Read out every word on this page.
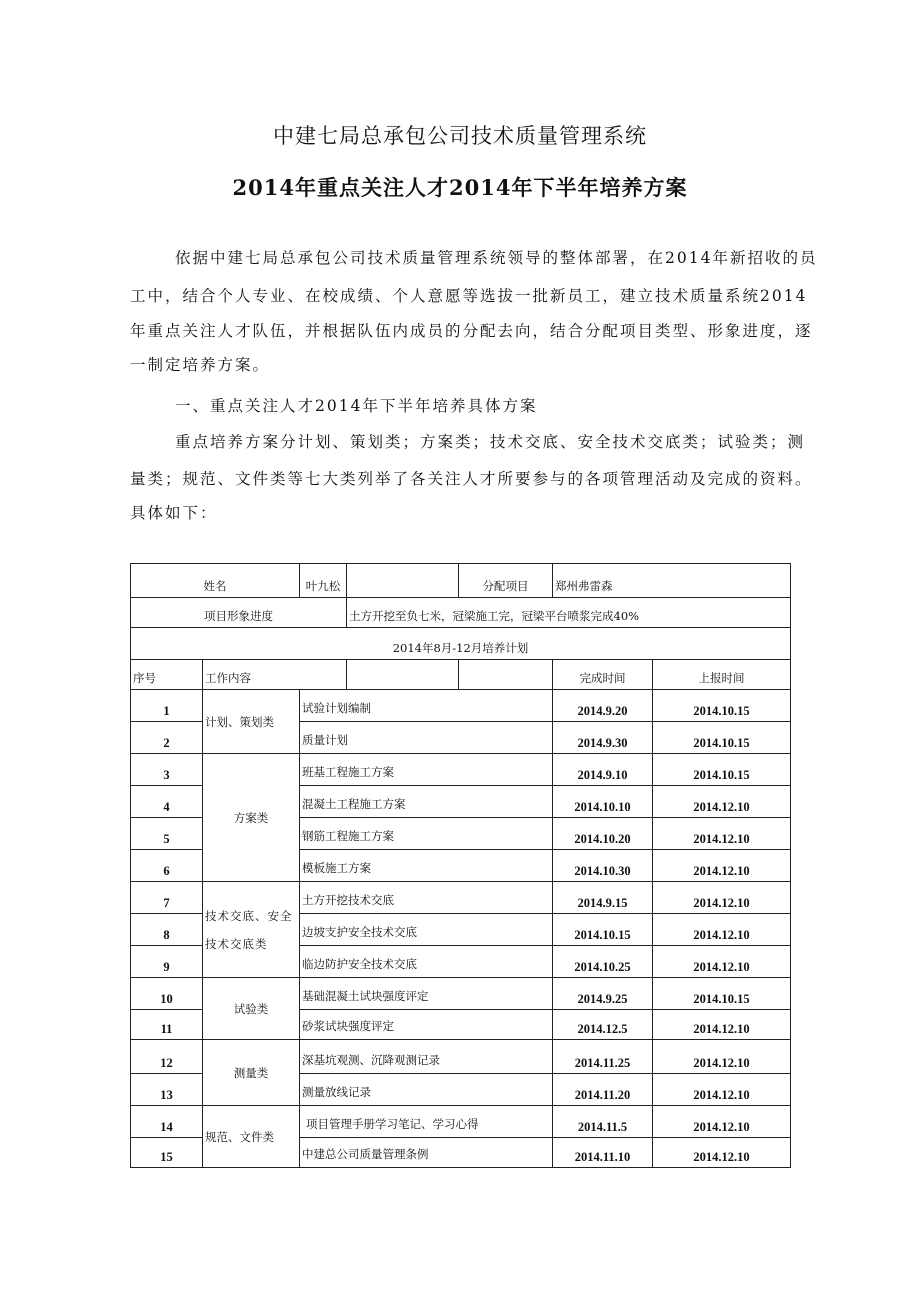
中建七局总承包公司技术质量管理系统
2014年重点关注人才2014年下半年培养方案
依据中建七局总承包公司技术质量管理系统领导的整体部署，在2014年新招收的员
工中，结合个人专业、在校成绩、个人意愿等选拔一批新员工，建立技术质量系统2014
年重点关注人才队伍，并根据队伍内成员的分配去向，结合分配项目类型、形象进度，逐
一制定培养方案。
一、重点关注人才2014年下半年培养具体方案
重点培养方案分计划、策划类；方案类；技术交底、安全技术交底类；试验类；测
量类；规范、文件类等七大类列举了各关注人才所要参与的各项管理活动及完成的资料。
具体如下：
姓名		叶九松		分配项目	郑州弗雷森	
项目形象进度			土方开挖至负七米，冠梁施工完，冠梁平台喷浆完成40%			
2014年8月-12月培养计划						
序号	工作内容				完成时间	上报时间
1	计划、策划类	试验计划编制			2014.9.20	2014.10.15
2		质量计划			2014.9.30	2014.10.15
3	方案类	班基工程施工方案			2014.9.10	2014.10.15
4		混凝土工程施工方案			2014.10.10	2014.12.10
5		钢筋工程施工方案			2014.10.20	2014.12.10
6		模板施工方案			2014.10.30	2014.12.10
7	技术交底、安全技术交底类	土方开挖技术交底			2014.9.15	2014.12.10
8		边坡支护安全技术交底			2014.10.15	2014.12.10
9		临边防护安全技术交底			2014.10.25	2014.12.10
10	试验类	基础混凝土试块强度评定			2014.9.25	2014.10.15
11		砂浆试块强度评定			2014.12.5	2014.12.10
12	测量类	深基坑观测、沉降观测记录			2014.11.25	2014.12.10
13		测量放线记录			2014.11.20	2014.12.10
14	规范、文件类	项目管理手册学习笔记、学习心得			2014.11.5	2014.12.10
15		中建总公司质量管理条例			2014.11.10	2014.12.10
